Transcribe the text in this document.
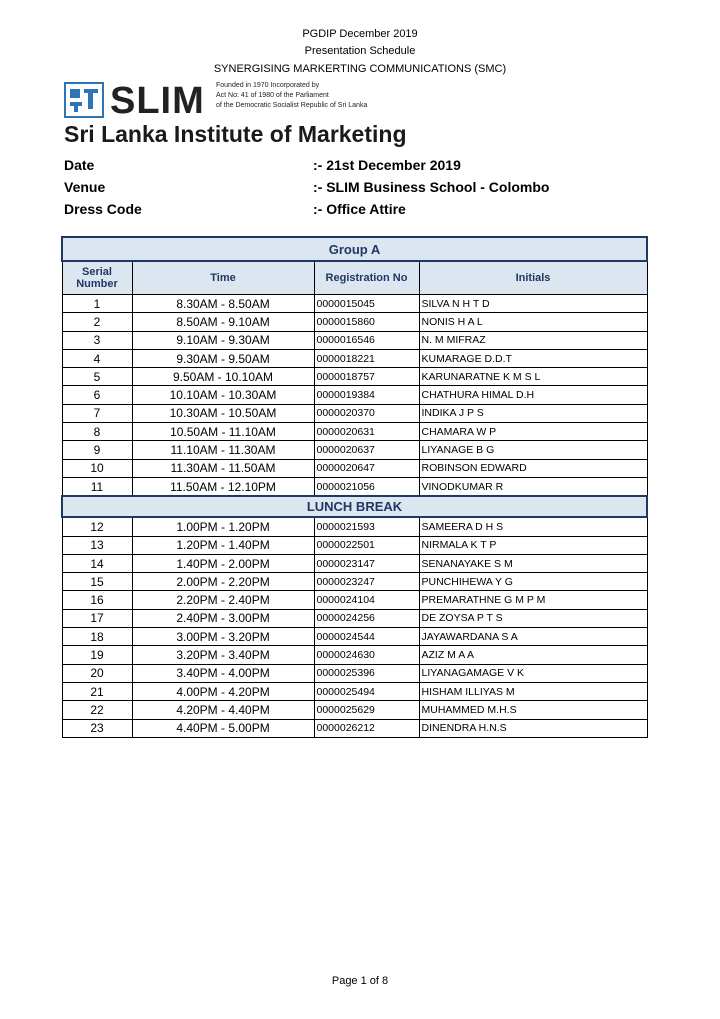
PGDIP December 2019
Presentation Schedule
SYNERGISING MARKERTING COMMUNICATIONS (SMC)
SLIM Founded in 1970 Incorporated by
Act No: 41 of 1980 of the Parliament
of the Democratic Socialist Republic of Sri Lanka
Sri Lanka Institute of Marketing
Date	:- 21st December 2019
Venue	:- SLIM Business School - Colombo
Dress Code	:- Office Attire
Group A			
Serial Number	Time	Registration No	Initials
1	8.30AM - 8.50AM	0000015045	SILVA N H T D
2	8.50AM - 9.10AM	0000015860	NONIS H A L
3	9.10AM - 9.30AM	0000016546	N. M MIFRAZ
4	9.30AM - 9.50AM	0000018221	KUMARAGE D.D.T
5	9.50AM - 10.10AM	0000018757	KARUNARATNE K M S L
6	10.10AM - 10.30AM	0000019384	CHATHURA HIMAL D.H
7	10.30AM - 10.50AM	0000020370	INDIKA J P S
8	10.50AM - 11.10AM	0000020631	CHAMARA W P
9	11.10AM - 11.30AM	0000020637	LIYANAGE B G
10	11.30AM - 11.50AM	0000020647	ROBINSON EDWARD
11	11.50AM - 12.10PM	0000021056	VINODKUMAR R
LUNCH BREAK			
12	1.00PM - 1.20PM	0000021593	SAMEERA D H S
13	1.20PM - 1.40PM	0000022501	NIRMALA K T P
14	1.40PM - 2.00PM	0000023147	SENANAYAKE S M
15	2.00PM - 2.20PM	0000023247	PUNCHIHEWA Y G
16	2.20PM - 2.40PM	0000024104	PREMARATHNE G M P M
17	2.40PM - 3.00PM	0000024256	DE ZOYSA P T S
18	3.00PM - 3.20PM	0000024544	JAYAWARDANA S A
19	3.20PM - 3.40PM	0000024630	AZIZ M A A
20	3.40PM - 4.00PM	0000025396	LIYANAGAMAGE V K
21	4.00PM - 4.20PM	0000025494	HISHAM ILLIYAS M
22	4.20PM - 4.40PM	0000025629	MUHAMMED M.H.S
23	4.40PM - 5.00PM	0000026212	DINENDRA H.N.S
Page 1 of 8
